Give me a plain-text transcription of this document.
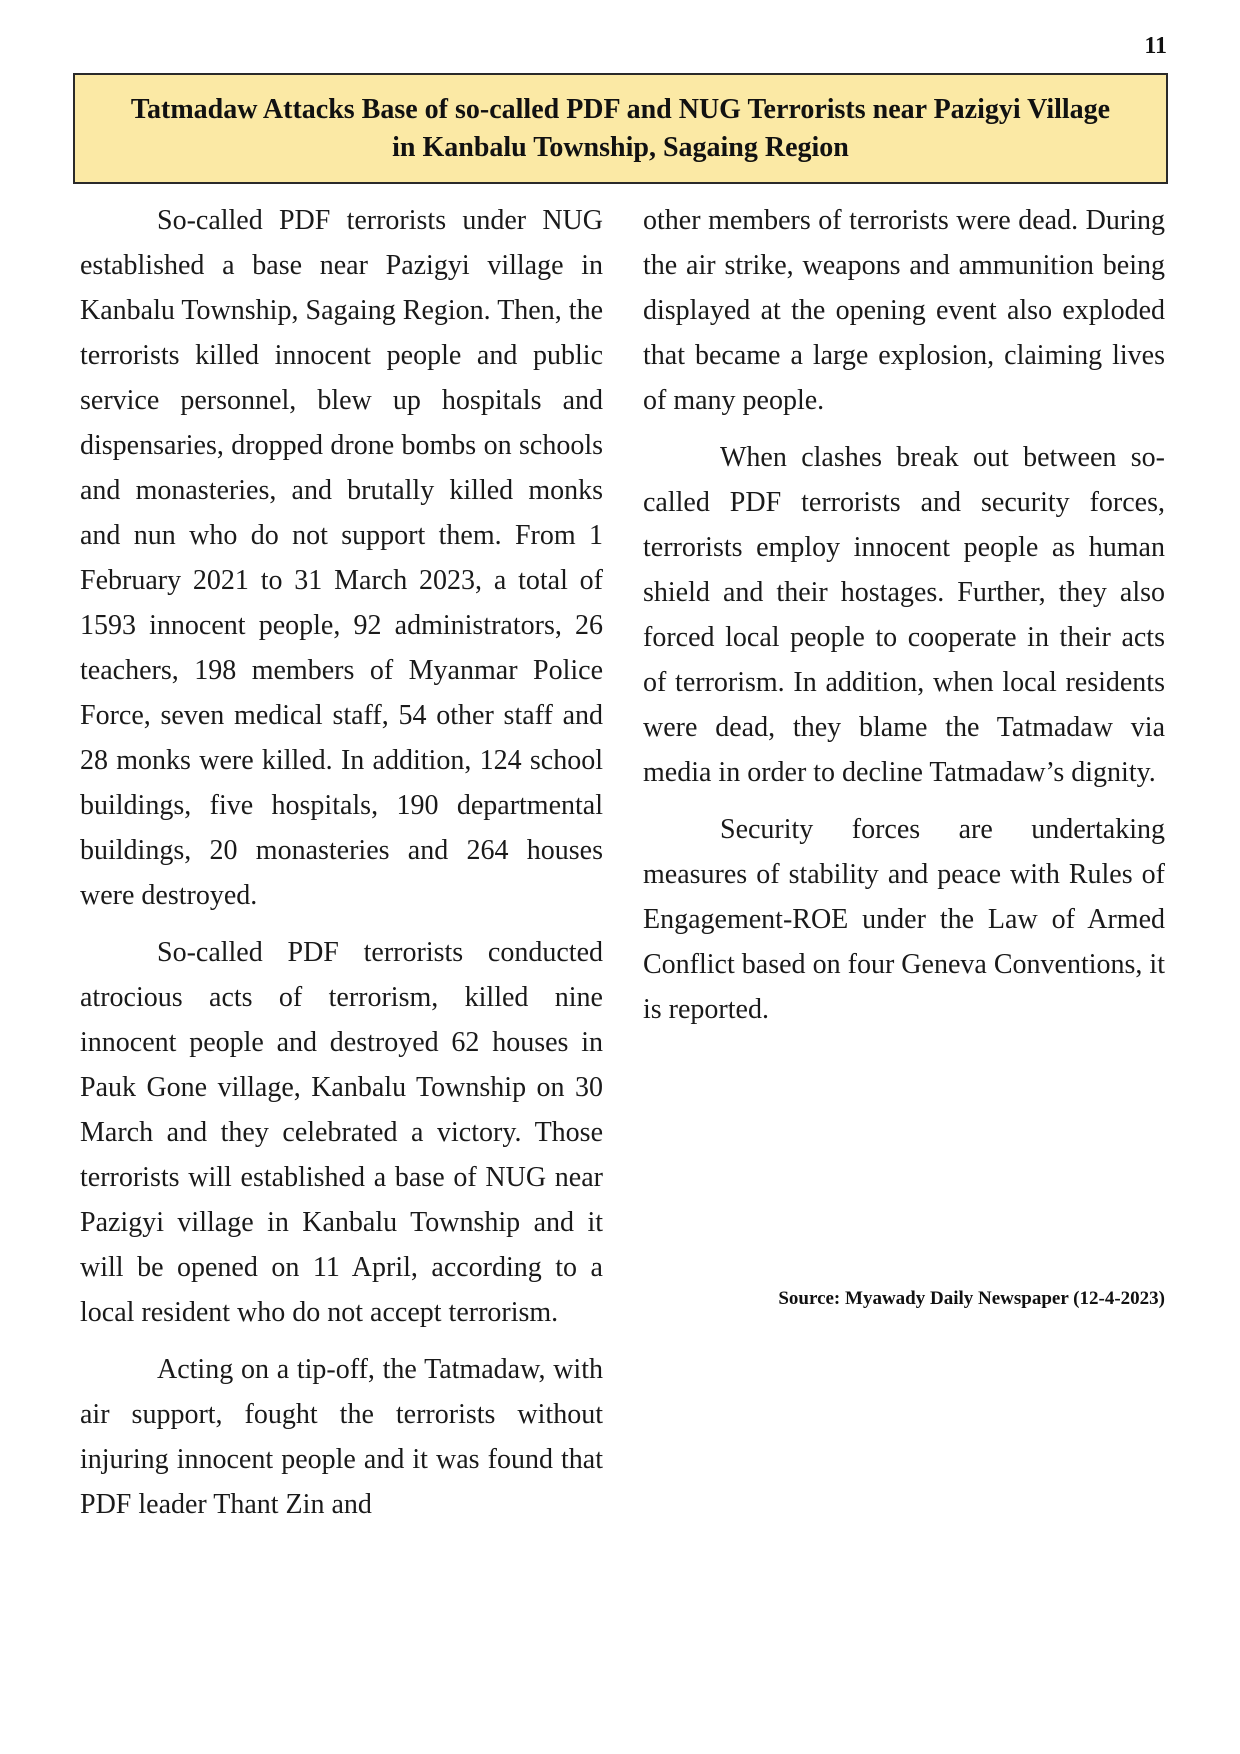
11
Tatmadaw Attacks Base of so-called PDF and NUG Terrorists near Pazigyi Village in Kanbalu Township, Sagaing Region

So-called PDF terrorists under NUG established a base near Pazigyi village in Kanbalu Township, Sagaing Region. Then, the terrorists killed innocent people and public service personnel, blew up hospitals and dispensaries, dropped drone bombs on schools and monasteries, and brutally killed monks and nun who do not support them. From 1 February 2021 to 31 March 2023, a total of 1593 innocent people, 92 administrators, 26 teachers, 198 members of Myanmar Police Force, seven medical staff, 54 other staff and 28 monks were killed. In addition, 124 school buildings, five hospitals, 190 departmental buildings, 20 monasteries and 264 houses were destroyed.

So-called PDF terrorists conducted atrocious acts of terrorism, killed nine innocent people and destroyed 62 houses in Pauk Gone village, Kanbalu Township on 30 March and they celebrated a victory. Those terrorists will established a base of NUG near Pazigyi village in Kanbalu Township and it will be opened on 11 April, according to a local resident who do not accept terrorism.

Acting on a tip-off, the Tatmadaw, with air support, fought the terrorists without injuring innocent people and it was found that PDF leader Thant Zin and

other members of terrorists were dead. During the air strike, weapons and ammunition being displayed at the opening event also exploded that became a large explosion, claiming lives of many people.

When clashes break out between so-called PDF terrorists and security forces, terrorists employ innocent people as human shield and their hostages. Further, they also forced local people to cooperate in their acts of terrorism. In addition, when local residents were dead, they blame the Tatmadaw via media in order to decline Tatmadaw’s dignity.

Security forces are undertaking measures of stability and peace with Rules of Engagement-ROE under the Law of Armed Conflict based on four Geneva Conventions, it is reported.

Source: Myawady Daily Newspaper (12-4-2023)
